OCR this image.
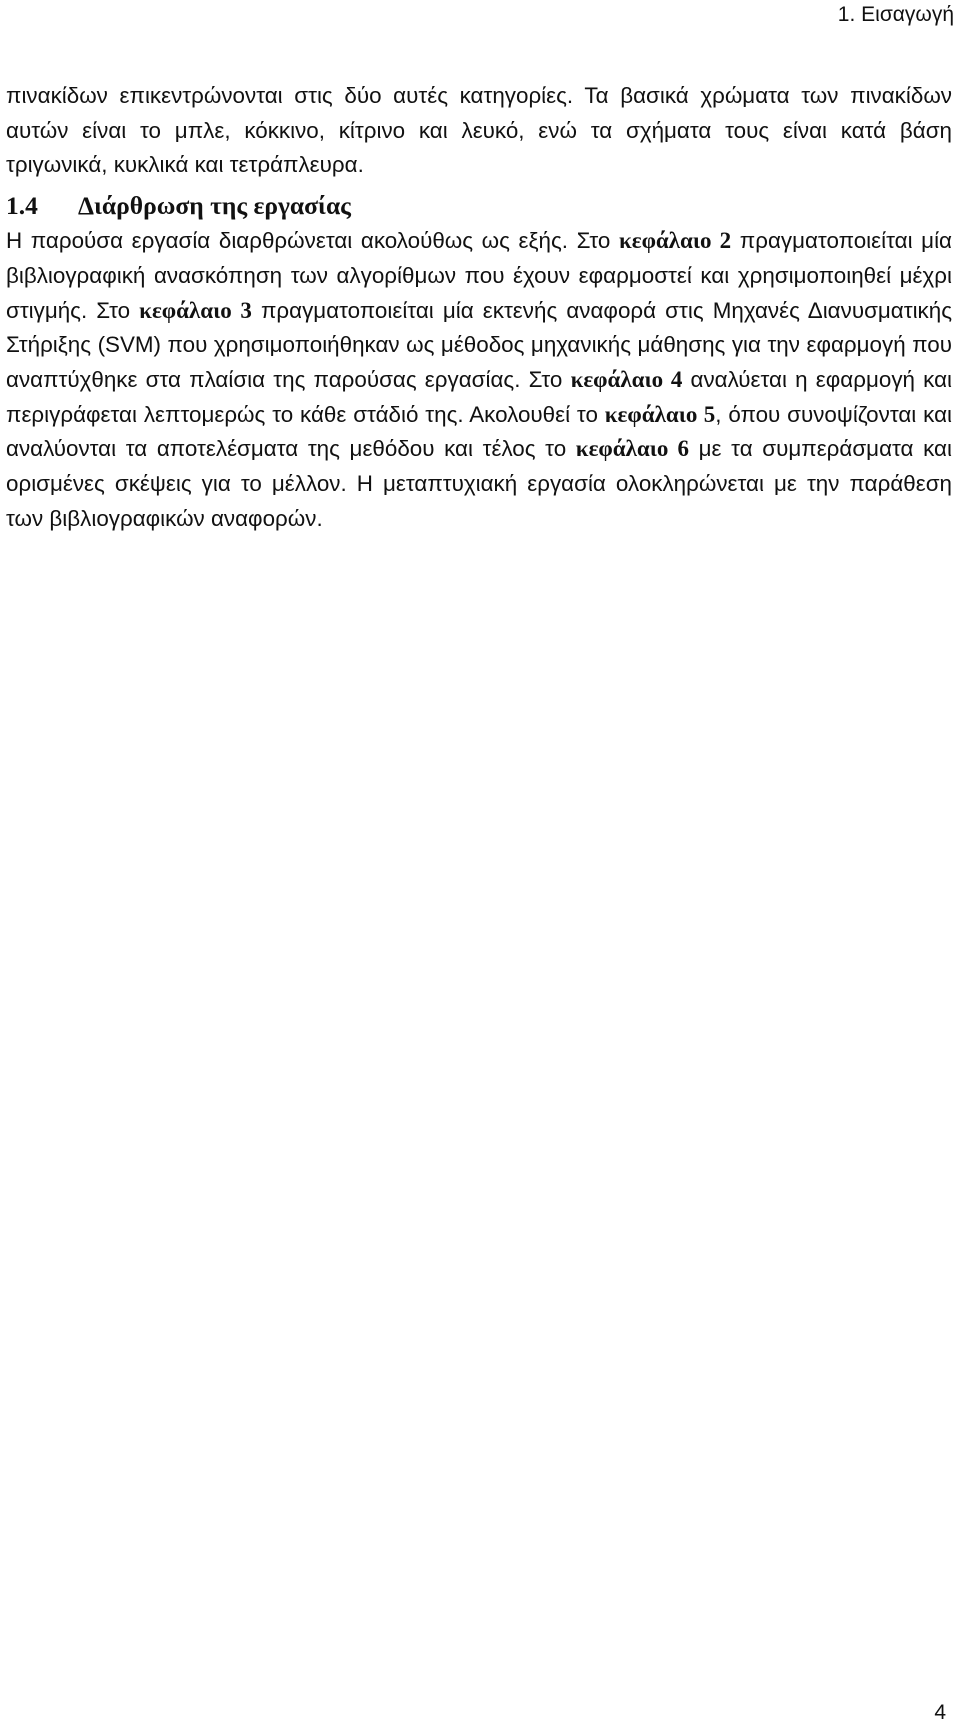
1. Εισαγωγή

πινακίδων επικεντρώνονται στις δύο αυτές κατηγορίες. Τα βασικά χρώματα των πινακίδων αυτών είναι το μπλε, κόκκινο, κίτρινο και λευκό, ενώ τα σχήματα τους είναι κατά βάση τριγωνικά, κυκλικά και τετράπλευρα.

1.4	Διάρθρωση της εργασίας

Η παρούσα εργασία διαρθρώνεται ακολούθως ως εξής. Στο κεφάλαιο 2 πραγματοποιείται μία βιβλιογραφική ανασκόπηση των αλγορίθμων που έχουν εφαρμοστεί και χρησιμοποιηθεί μέχρι στιγμής. Στο κεφάλαιο 3 πραγματοποιείται μία εκτενής αναφορά στις Μηχανές Διανυσματικής Στήριξης (SVM) που χρησιμοποιήθηκαν ως μέθοδος μηχανικής μάθησης για την εφαρμογή που αναπτύχθηκε στα πλαίσια της παρούσας εργασίας. Στο κεφάλαιο 4 αναλύεται η εφαρμογή και περιγράφεται λεπτομερώς το κάθε στάδιό της. Ακολουθεί το κεφάλαιο 5, όπου συνοψίζονται και αναλύονται τα αποτελέσματα της μεθόδου και τέλος το κεφάλαιο 6 με τα συμπεράσματα και ορισμένες σκέψεις για το μέλλον. Η μεταπτυχιακή εργασία ολοκληρώνεται με την παράθεση των βιβλιογραφικών αναφορών.

4
